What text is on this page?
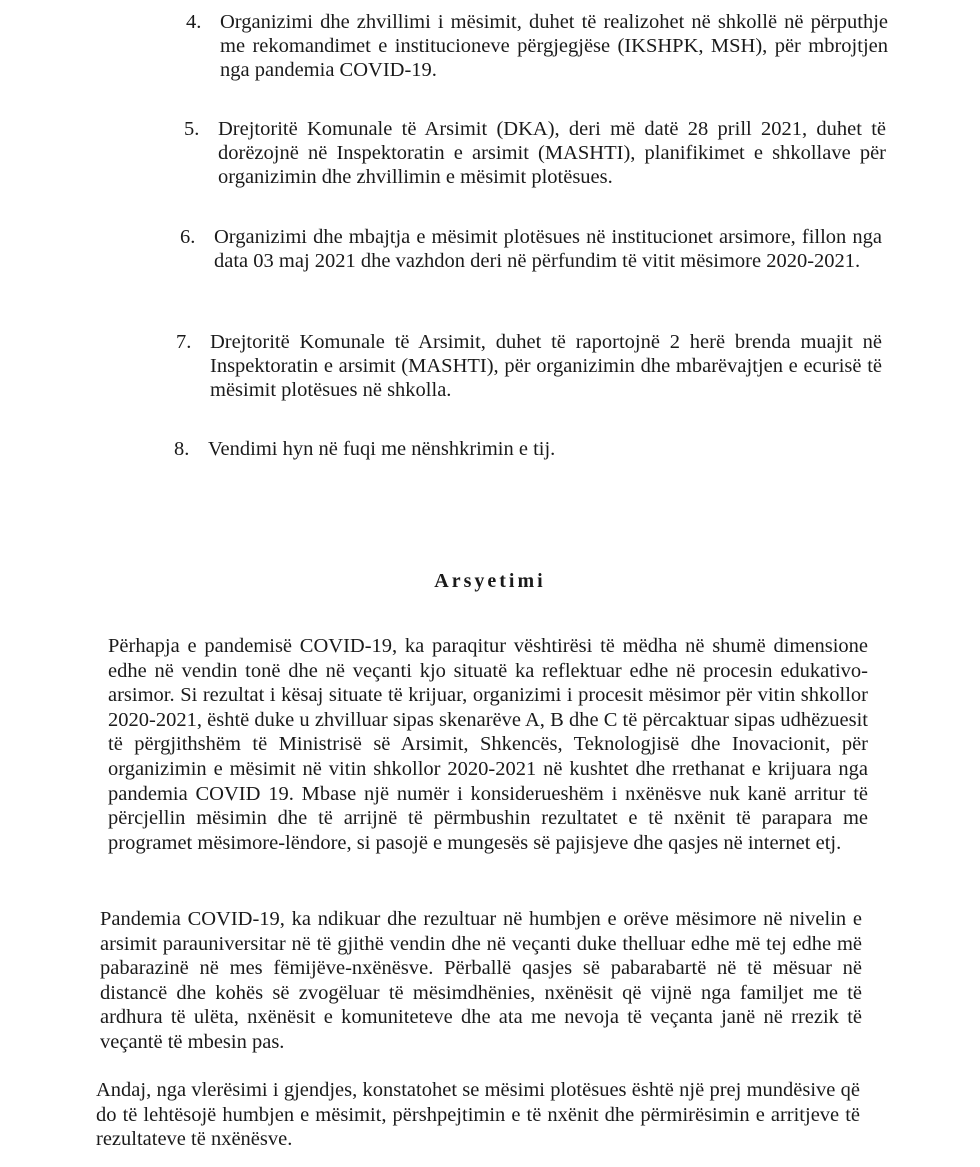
4. Organizimi dhe zhvillimi i mësimit, duhet të realizohet në shkollë në përputhje me rekomandimet e institucioneve përgjegjëse (IKSHPK, MSH), për mbrojtjen nga pandemia COVID-19.
5. Drejtoritë Komunale të Arsimit (DKA), deri më datë 28 prill 2021, duhet të dorëzojnë në Inspektoratin e arsimit (MASHTI), planifikimet e shkollave për organizimin dhe zhvillimin e mësimit plotësues.
6. Organizimi dhe mbajtja e mësimit plotësues në institucionet arsimore, fillon nga data 03 maj 2021 dhe vazhdon deri në përfundim të vitit mësimore 2020-2021.
7. Drejtoritë Komunale të Arsimit, duhet të raportojnë 2 herë brenda muajit në Inspektoratin e arsimit (MASHTI), për organizimin dhe mbarëvajtjen e ecurisë të mësimit plotësues në shkolla.
8. Vendimi hyn në fuqi me nënshkrimin e tij.
Arsyetimi
Përhapja e pandemisë COVID-19, ka paraqitur vështirësi të mëdha në shumë dimensione edhe në vendin tonë dhe në veçanti kjo situatë ka reflektuar edhe në procesin edukativo-arsimor. Si rezultat i kësaj situate të krijuar, organizimi i procesit mësimor për vitin shkollor 2020-2021, është duke u zhvilluar sipas skenarëve A, B dhe C të përcaktuar sipas udhëzuesit të përgjithshëm të Ministrisë së Arsimit, Shkencës, Teknologjisë dhe Inovacionit, për organizimin e mësimit në vitin shkollor 2020-2021 në kushtet dhe rrethanat e krijuara nga pandemia COVID 19. Mbase një numër i konsiderueshëm i nxënësve nuk kanë arritur të përcjellin mësimin dhe të arrijnë të përmbushin rezultatet e të nxënit të parapara me programet mësimore-lëndore, si pasojë e mungesës së pajisjeve dhe qasjes në internet etj.
Pandemia COVID-19, ka ndikuar dhe rezultuar në humbjen e orëve mësimore në nivelin e arsimit parauniversitar në të gjithë vendin dhe në veçanti duke thelluar edhe më tej edhe më pabarazinë në mes fëmijëve-nxënësve. Përballë qasjes së pabarabartë në të mësuar në distancë dhe kohës së zvogëluar të mësimdhënies, nxënësit që vijnë nga familjet me të ardhura të ulëta, nxënësit e komuniteteve dhe ata me nevoja të veçanta janë në rrezik të veçantë të mbesin pas.
Andaj, nga vlerësimi i gjendjes, konstatohet se mësimi plotësues është një prej mundësive që do të lehtësojë humbjen e mësimit, përshpejtimin e të nxënit dhe përmirësimin e arritjeve të rezultateve të nxënësve.
